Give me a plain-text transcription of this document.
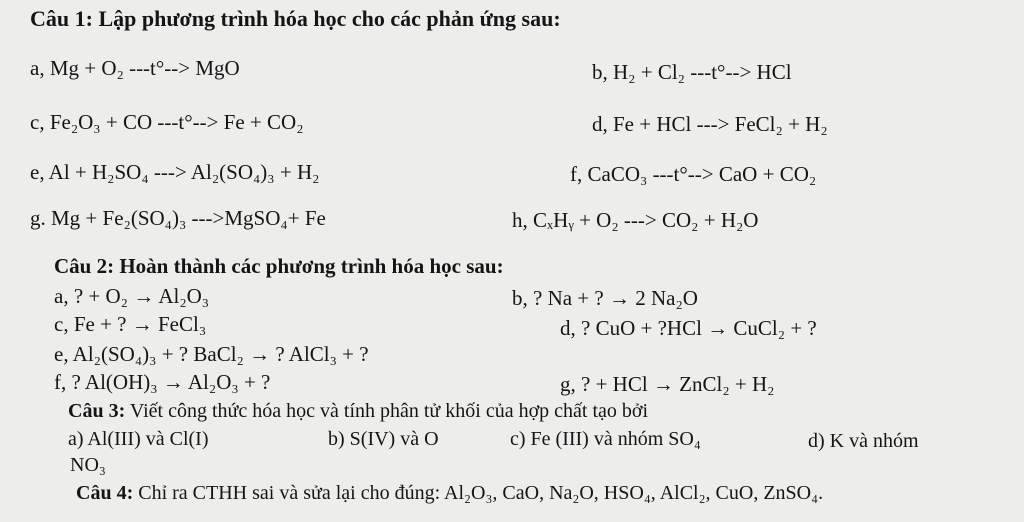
Câu 1: Lập phương trình hóa học cho các phản ứng sau:
a, Mg + O₂ ---t°--> MgO	b, H₂ + Cl₂ ---t°--> HCl
c, Fe₂O₃ + CO ---t°--> Fe + CO₂	d, Fe + HCl ---> FeCl₂ + H₂
e, Al + H₂SO₄ ---> Al₂(SO₄)₃ + H₂	f, CaCO₃ ---t°--> CaO + CO₂
g. Mg + Fe₂(SO₄)₃ --->MgSO₄+ Fe	h, CₓHᵧ + O₂ ---> CO₂ + H₂O
Câu 2: Hoàn thành các phương trình hóa học sau:
a, ? + O₂ → Al₂O₃	b, ? Na + ? → 2 Na₂O
c, Fe + ? → FeCl₃	d, ? CuO + ?HCl → CuCl₂ + ?
e, Al₂(SO₄)₃ + ? BaCl₂ → ? AlCl₃ + ?
f, ? Al(OH)₃ → Al₂O₃ + ?	g, ? + HCl → ZnCl₂ + H₂
Câu 3: Viết công thức hóa học và tính phân tử khối của hợp chất tạo bởi
a) Al(III) và Cl(I)	b) S(IV) và O	c) Fe (III) và nhóm SO₄	d) K và nhóm
NO₃
Câu 4: Chỉ ra CTHH sai và sửa lại cho đúng: Al₂O₃, CaO, Na₂O, HSO₄, AlCl₂, CuO, ZnSO₄.
